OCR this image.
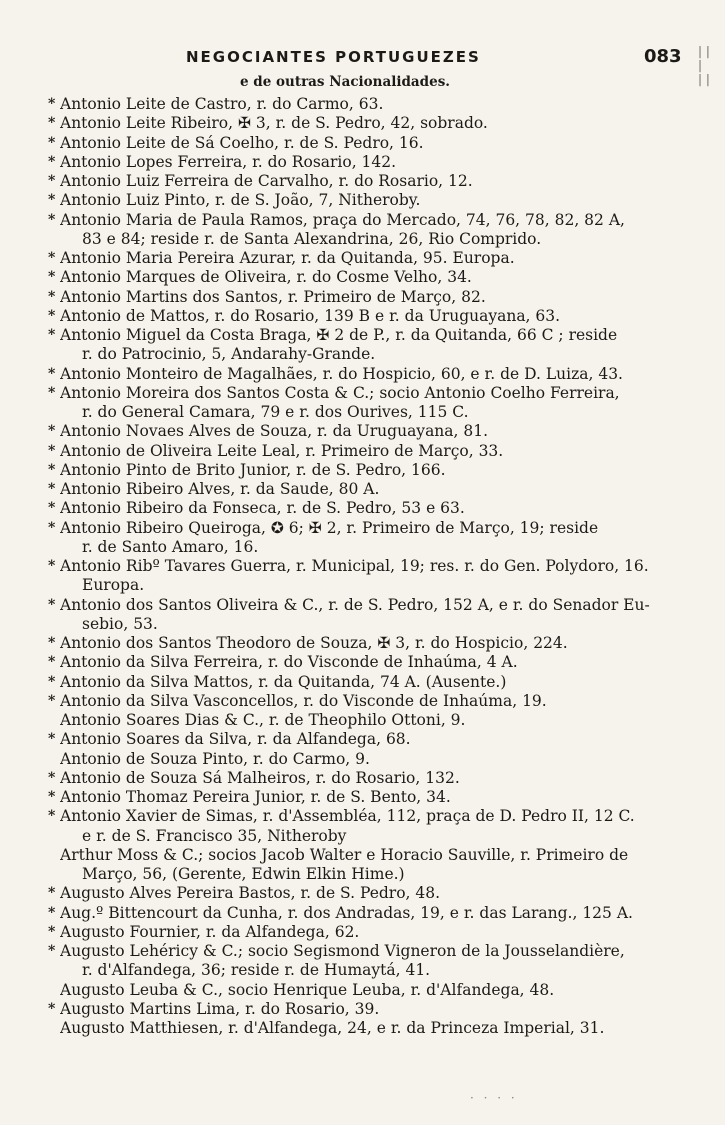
NEGOCIANTES PORTUGUEZES	083
e de outras Nacionalidades.
* Antonio Leite de Castro, r. do Carmo, 63.
* Antonio Leite Ribeiro, ✠ 3, r. de S. Pedro, 42, sobrado.
* Antonio Leite de Sá Coelho, r. de S. Pedro, 16.
* Antonio Lopes Ferreira, r. do Rosario, 142.
* Antonio Luiz Ferreira de Carvalho, r. do Rosario, 12.
* Antonio Luiz Pinto, r. de S. João, 7, Nitheroby.
* Antonio Maria de Paula Ramos, praça do Mercado, 74, 76, 78, 82, 82 A,
83 e 84; reside r. de Santa Alexandrina, 26, Rio Comprido.
* Antonio Maria Pereira Azurar, r. da Quitanda, 95. Europa.
* Antonio Marques de Oliveira, r. do Cosme Velho, 34.
* Antonio Martins dos Santos, r. Primeiro de Março, 82.
* Antonio de Mattos, r. do Rosario, 139 B e r. da Uruguayana, 63.
* Antonio Miguel da Costa Braga, ✠ 2 de P., r. da Quitanda, 66 C ; reside
r. do Patrocinio, 5, Andarahy-Grande.
* Antonio Monteiro de Magalhães, r. do Hospicio, 60, e r. de D. Luiza, 43.
* Antonio Moreira dos Santos Costa & C.; socio Antonio Coelho Ferreira,
r. do General Camara, 79 e r. dos Ourives, 115 C.
* Antonio Novaes Alves de Souza, r. da Uruguayana, 81.
* Antonio de Oliveira Leite Leal, r. Primeiro de Março, 33.
* Antonio Pinto de Brito Junior, r. de S. Pedro, 166.
* Antonio Ribeiro Alves, r. da Saude, 80 A.
* Antonio Ribeiro da Fonseca, r. de S. Pedro, 53 e 63.
* Antonio Ribeiro Queiroga, ✪ 6; ✠ 2, r. Primeiro de Março, 19; reside
r. de Santo Amaro, 16.
* Antonio Ribº Tavares Guerra, r. Municipal, 19; res. r. do Gen. Polydoro, 16.
Europa.
* Antonio dos Santos Oliveira & C., r. de S. Pedro, 152 A, e r. do Senador Eu-
sebio, 53.
* Antonio dos Santos Theodoro de Souza, ✠ 3, r. do Hospicio, 224.
* Antonio da Silva Ferreira, r. do Visconde de Inhaúma, 4 A.
* Antonio da Silva Mattos, r. da Quitanda, 74 A. (Ausente.)
* Antonio da Silva Vasconcellos, r. do Visconde de Inhaúma, 19.
Antonio Soares Dias & C., r. de Theophilo Ottoni, 9.
* Antonio Soares da Silva, r. da Alfandega, 68.
Antonio de Souza Pinto, r. do Carmo, 9.
* Antonio de Souza Sá Malheiros, r. do Rosario, 132.
* Antonio Thomaz Pereira Junior, r. de S. Bento, 34.
* Antonio Xavier de Simas, r. d'Assembléa, 112, praça de D. Pedro II, 12 C.
e r. de S. Francisco 35, Nitheroby
Arthur Moss & C.; socios Jacob Walter e Horacio Sauville, r. Primeiro de
Março, 56, (Gerente, Edwin Elkin Hime.)
* Augusto Alves Pereira Bastos, r. de S. Pedro, 48.
* Aug.º Bittencourt da Cunha, r. dos Andradas, 19, e r. das Larang., 125 A.
* Augusto Fournier, r. da Alfandega, 62.
* Augusto Lehéricy & C.; socio Segismond Vigneron de la Jousselandière,
r. d'Alfandega, 36; reside r. de Humaytá, 41.
Augusto Leuba & C., socio Henrique Leuba, r. d'Alfandega, 48.
* Augusto Martins Lima, r. do Rosario, 39.
Augusto Matthiesen, r. d'Alfandega, 24, e r. da Princeza Imperial, 31.
| |
|
| |
· · · ·
